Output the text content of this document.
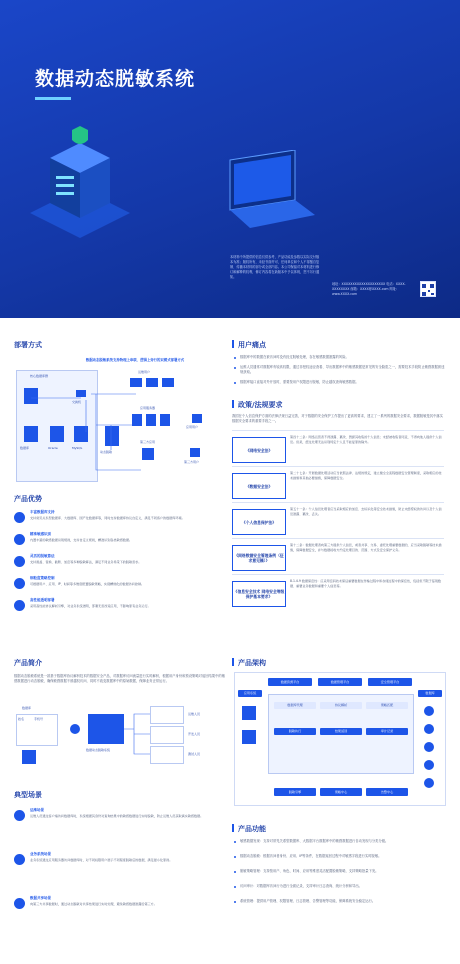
数据动态脱敏系统
本材料中所提供的信息仅供参考，产品功能及参数以实际交付版本为准；版权所有，未经书面许可，任何单位和个人不得擅自复制、传播本材料的部分或全部内容。本公司保留对本材料进行修订和解释的权利，修订内容将在新版本中予以体现，恕不另行通知。
地址：XXXXXXXXXXXXXXXXXXXX 电话：XXXX-XXXXXXXX 邮箱：XXXX@XXXX.com 网址：www.XXXX.com
部署方式
数据动态脱敏系统支持物理上串联、逻辑上旁行的双模式部署方式
核心数据库群
数据库	Oracle	MySQL
交换机
动态脱敏
运维用户
应用服务器
应用用户
第三方应用
第三方用户
产品优势
丰富数据库支持
支持常见关系型数据库、大数据库、国产化数据库等，同时支持数据库协议自定义，满足不同客户的数据库环境。
精准敏感识别
内置丰富的敏感数据识别规则，支持自定义规则，精准识别各类敏感数据。
灵活的脱敏算法
支持遮盖、替换、截断、加密等多种脱敏算法，满足不同业务场景下的脱敏需求。
细粒度策略控制
可根据用户、应用、IP、时间等多维度配置脱敏策略，实现精细化的数据访问控制。
高性能透明部署
采用高性能协议解析引擎，对业务系统透明，部署无需改造应用，不影响原有业务运行。
用户痛点
数据库中的数据在被访问时没有经过脱敏处理，存在敏感数据泄露的风险。
运维人员通常对数据库有较高权限，通过非授权途径查看、导出数据库中的敏感数据是常见的安全隐患之一，需要技术手段防止敏感数据被违规获取。
数据库接口直接对外开放时，需要按用户权限进行脱敏，防止越权查询敏感数据。
政策/法规要求
我国在个人信息保护方面的法律法规日益完善，对于数据的安全保护工作提出了更高的要求，建立了一系列的数据安全要求，数据脱敏是其中落实数据安全要求的重要手段之一。
《网络安全法》
第四十二条：网络运营者不得泄露、篡改、毁损其收集的个人信息；未经被收集者同意，不得向他人提供个人信息。但是，经过处理无法识别特定个人且不能复原的除外。
《数据安全法》
第二十七条：开展数据处理活动应当依照法律、法规的规定，建立健全全流程数据安全管理制度，采取相应的技术措施和其他必要措施，保障数据安全。
《个人信息保护法》
第五十一条：个人信息处理者应当采取相应的加密、去标识化等安全技术措施，防止未经授权的访问以及个人信息泄露、篡改、丢失。
《网络数据安全管理条例（征求意见稿）》
第十二条：数据处理者向第三方提供个人信息，或者共享、交易、委托处理重要数据的，应当采取脱敏等技术措施，保障数据安全，并与数据接收方约定处理目的、范围、方式及安全保护义务。
《信息安全技术 网络安全等级保护基本要求》
8.1.4.9 数据保密性：应采用密码技术保证重要数据在传输过程中和存储过程中的保密性，包括但不限于鉴别数据、重要业务数据和重要个人信息等。
产品简介
数据动态脱敏系统是一款基于数据库协议解析技术的数据安全产品，对数据库访问流量进行实时解析，根据用户身份和预设策略对返回结果中的敏感数据进行动态脱敏，确保敏感数据不被越权访问，同时不改变数据库中的原始数据，保障业务正常运行。
数据库
姓名	手机号
数据动态脱敏系统
运维人员
开发人员
测试人员
典型场景
运维场景
运维人员通过客户端访问数据库时，系统根据其身份对查询结果中的敏感数据进行实时脱敏，防止运维人员获取真实敏感数据。
业务系统场景
业务系统通过应用服务器访问数据库时，对不同权限用户展示不同程度脱敏后的数据，满足最小化原则。
数据共享场景
向第三方共享数据时，通过动态脱敏对共享结果进行实时处理，避免敏感数据泄露给第三方。
产品架构
应用系统	数据库
数据资源平台	数据管理平台	安全管理平台
数据库代理	协议解析	策略匹配
脱敏执行	结果返回	审计记录
脱敏引擎	策略中心	告警中心
产品功能
敏感数据发现：支持对常见关系型数据库、大数据平台数据库中的敏感数据进行自动发现与分类分级。
数据动态脱敏：根据访问者身份、应用、IP等条件，在数据返回过程中对敏感字段进行实时脱敏。
脱敏策略管理：支持按用户、角色、时间、应用等维度灵活配置脱敏策略，支持策略批量下发。
访问审计：对数据库访问行为进行全面记录，支持审计日志查询、统计分析和导出。
系统管理：提供用户管理、权限管理、日志管理、告警管理等功能，保障系统安全稳定运行。
